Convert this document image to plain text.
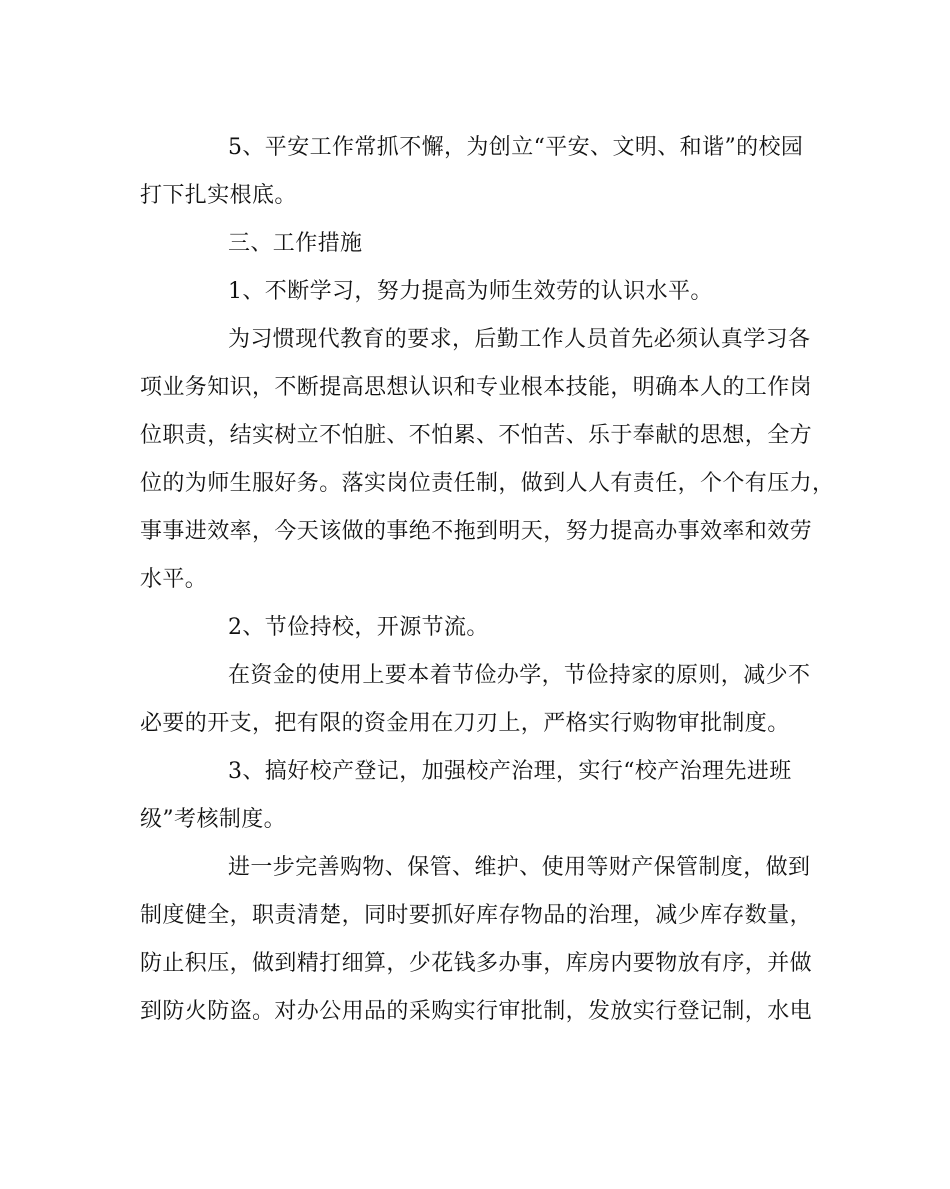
5、平安工作常抓不懈，为创立“平安、文明、和谐”的校园
打下扎实根底。
三、工作措施
1、不断学习，努力提高为师生效劳的认识水平。
为习惯现代教育的要求，后勤工作人员首先必须认真学习各
项业务知识，不断提高思想认识和专业根本技能，明确本人的工作岗
位职责，结实树立不怕脏、不怕累、不怕苦、乐于奉献的思想，全方
位的为师生服好务。落实岗位责任制，做到人人有责任，个个有压力，
事事进效率，今天该做的事绝不拖到明天，努力提高办事效率和效劳
水平。
2、节俭持校，开源节流。
在资金的使用上要本着节俭办学，节俭持家的原则，减少不
必要的开支，把有限的资金用在刀刃上，严格实行购物审批制度。
3、搞好校产登记，加强校产治理，实行“校产治理先进班
级”考核制度。
进一步完善购物、保管、维护、使用等财产保管制度，做到
制度健全，职责清楚，同时要抓好库存物品的治理，减少库存数量，
防止积压，做到精打细算，少花钱多办事，库房内要物放有序，并做
到防火防盗。对办公用品的采购实行审批制，发放实行登记制，水电
